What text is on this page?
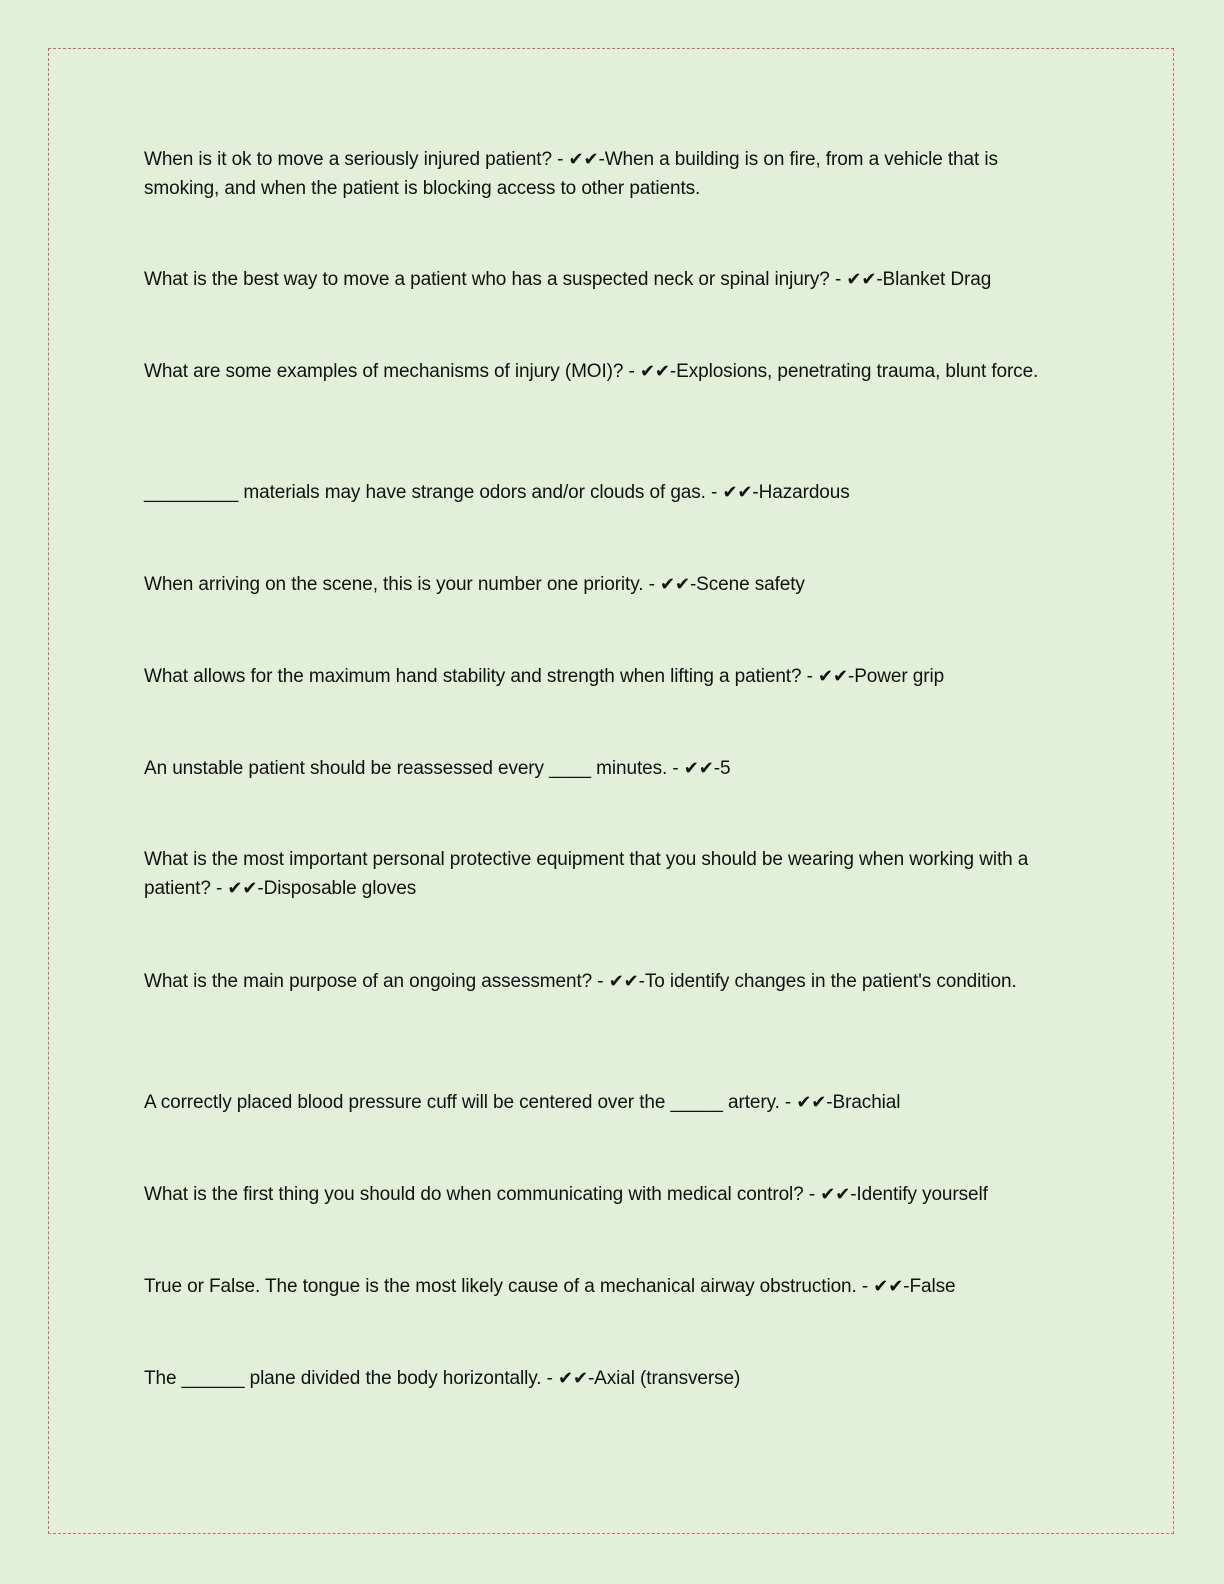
When is it ok to move a seriously injured patient? - ✔✔-When a building is on fire, from a vehicle that is smoking, and when the patient is blocking access to other patients.

What is the best way to move a patient who has a suspected neck or spinal injury? - ✔✔-Blanket Drag

What are some examples of mechanisms of injury (MOI)? - ✔✔-Explosions, penetrating trauma, blunt force.

_________ materials may have strange odors and/or clouds of gas. - ✔✔-Hazardous

When arriving on the scene, this is your number one priority. - ✔✔-Scene safety

What allows for the maximum hand stability and strength when lifting a patient? - ✔✔-Power grip

An unstable patient should be reassessed every ____ minutes. - ✔✔-5

What is the most important personal protective equipment that you should be wearing when working with a patient? - ✔✔-Disposable gloves

What is the main purpose of an ongoing assessment? - ✔✔-To identify changes in the patient's condition.

A correctly placed blood pressure cuff will be centered over the _____ artery. - ✔✔-Brachial

What is the first thing you should do when communicating with medical control? - ✔✔-Identify yourself

True or False. The tongue is the most likely cause of a mechanical airway obstruction. - ✔✔-False

The ______ plane divided the body horizontally. - ✔✔-Axial (transverse)
